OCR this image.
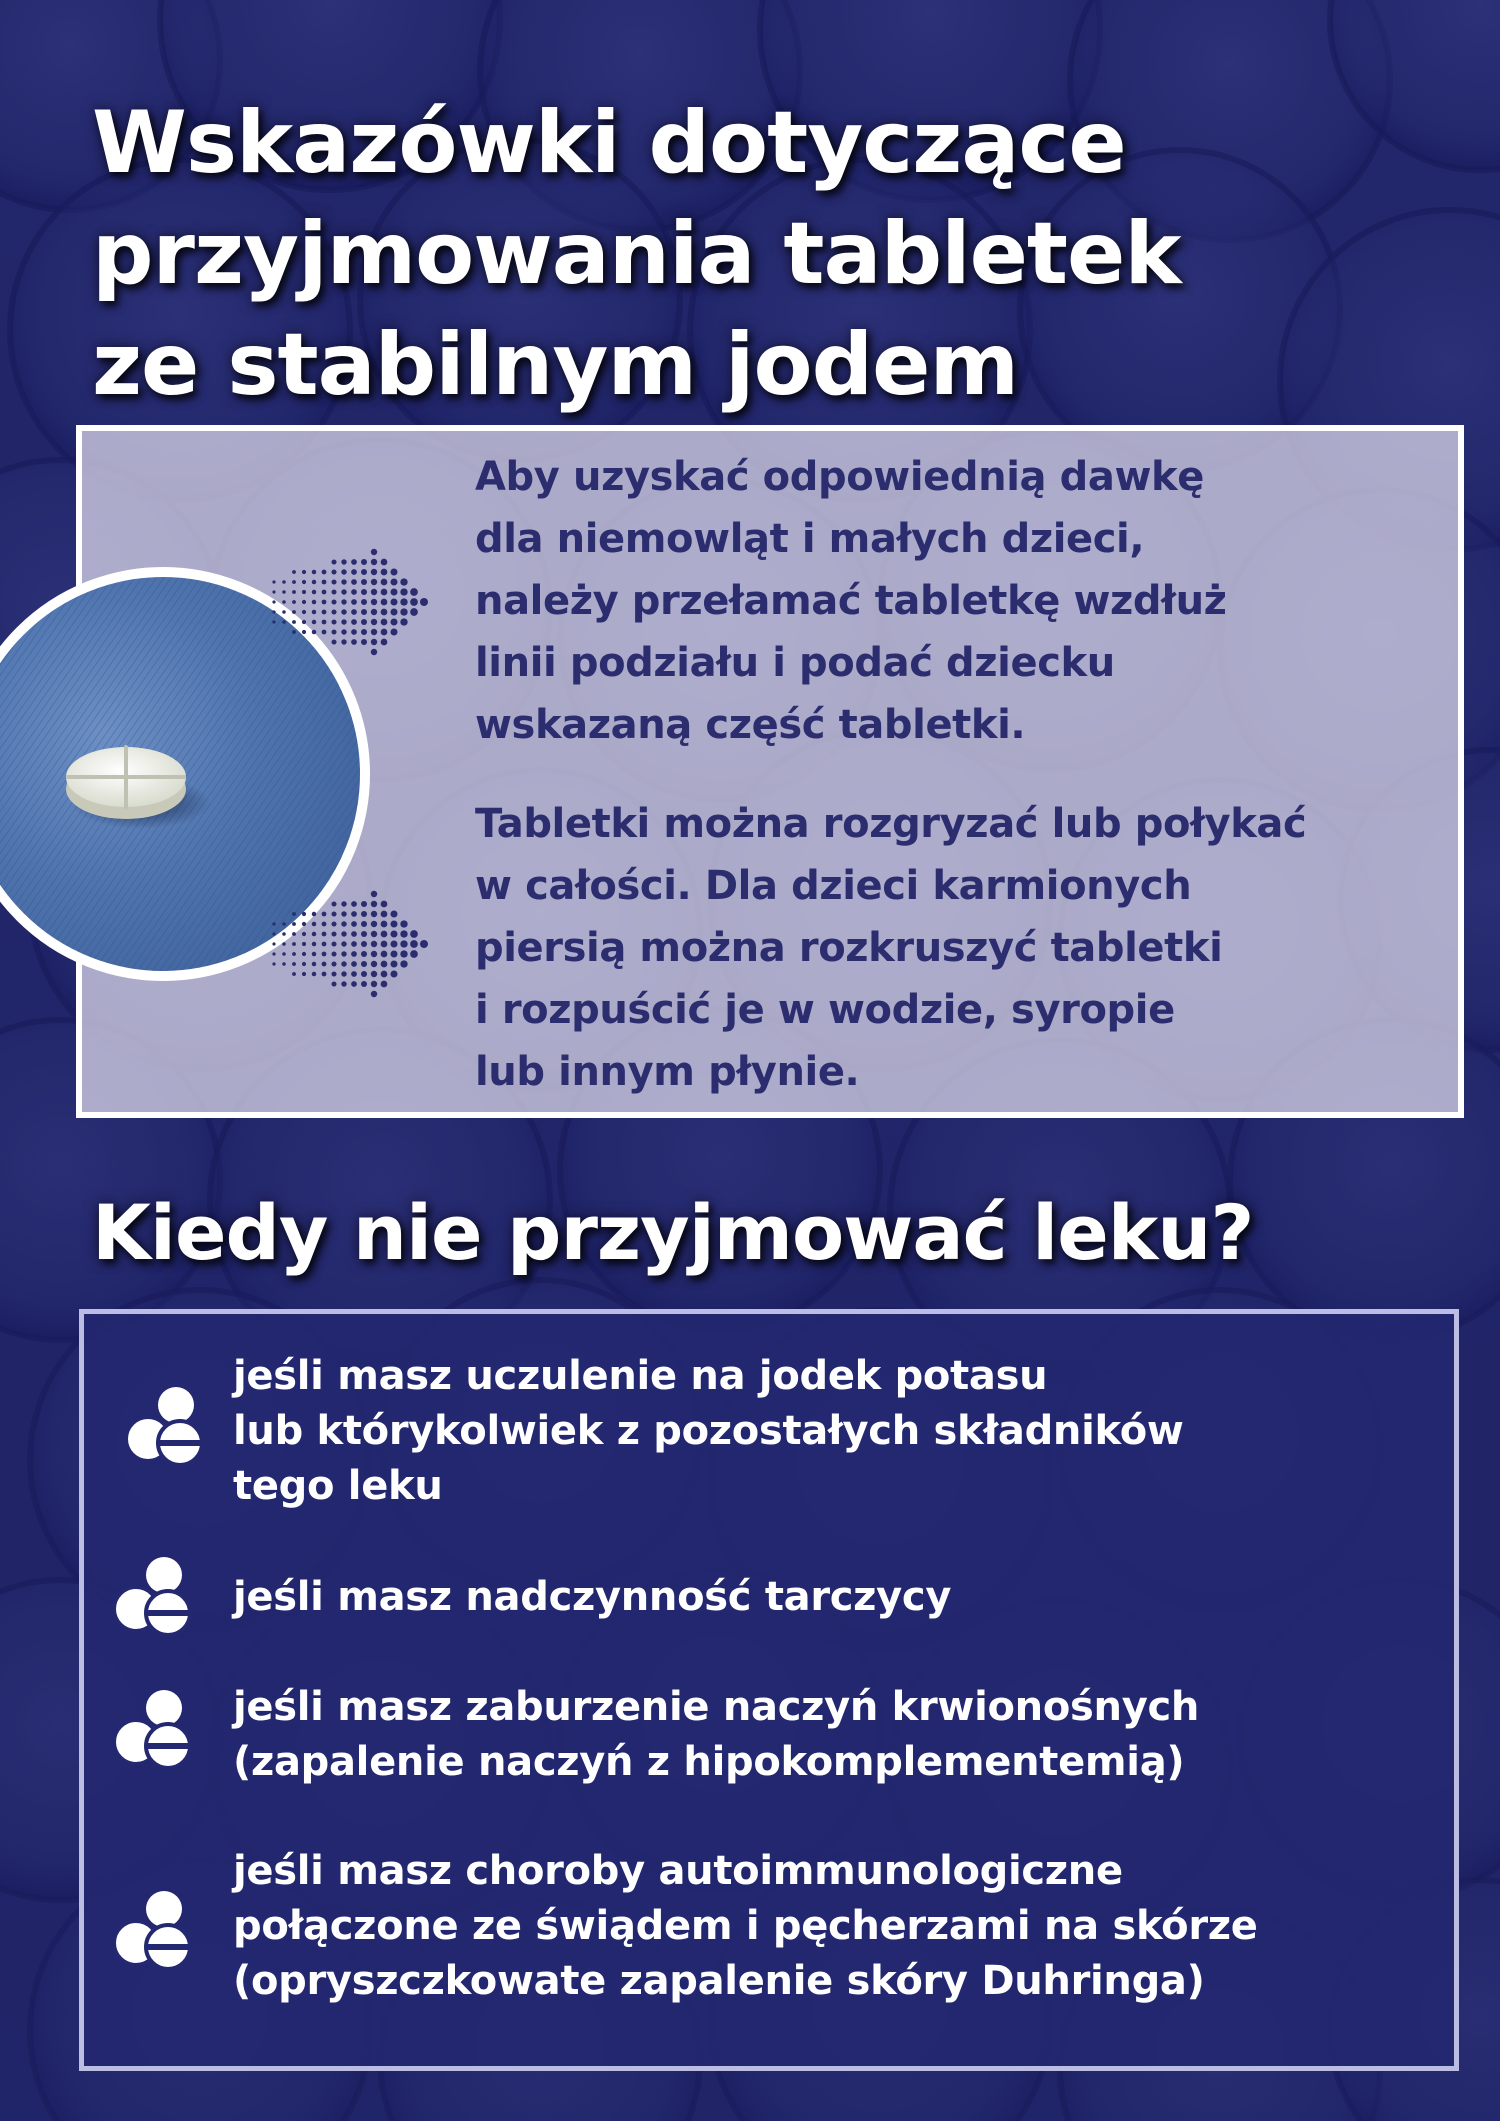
Wskazówki dotyczące
przyjmowania tabletek
ze stabilnym jodem
Aby uzyskać odpowiednią dawkę
dla niemowląt i małych dzieci,
należy przełamać tabletkę wzdłuż
linii podziału i podać dziecku
wskazaną część tabletki.
Tabletki można rozgryzać lub połykać
w całości. Dla dzieci karmionych
piersią można rozkruszyć tabletki
i rozpuścić je w wodzie, syropie
lub innym płynie.
Kiedy nie przyjmować leku?
jeśli masz uczulenie na jodek potasu
lub którykolwiek z pozostałych składników
tego leku
jeśli masz nadczynność tarczycy
jeśli masz zaburzenie naczyń krwionośnych
(zapalenie naczyń z hipokomplementemią)
jeśli masz choroby autoimmunologiczne
połączone ze świądem i pęcherzami na skórze
(opryszczkowate zapalenie skóry Duhringa)
